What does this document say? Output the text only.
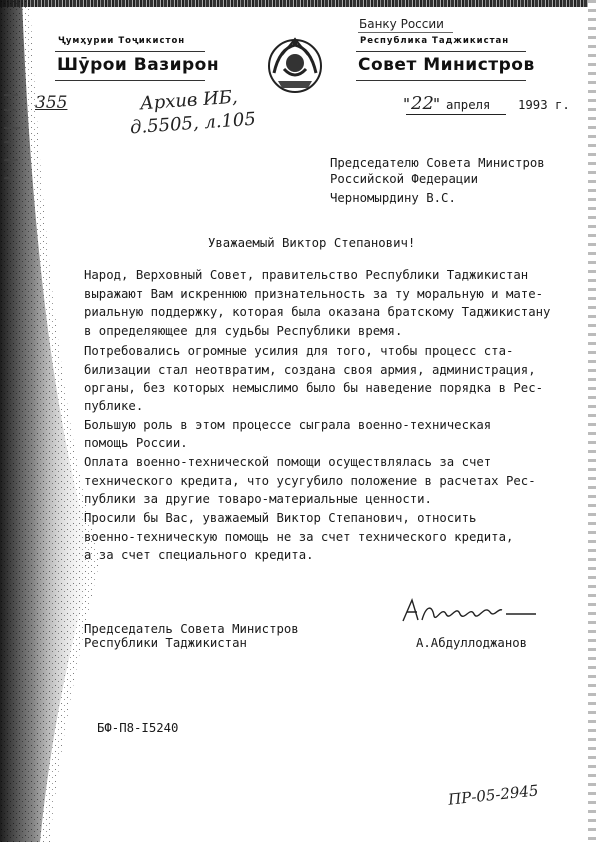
Ҷумҳурии Тоҷикистон
Шӯрои Вазирон
Банку России
Республика Таджикистан
Совет Министров
355	Архив ИБ,
д.5505, л.105
" 22
" апреля 1993 г.
Председателю Совета Министров
Российской Федерации
Черномырдину В.С.
Уважаемый Виктор Степанович!
Народ, Верховный Совет, правительство Республики Таджикистан
выражают Вам искреннюю признательность за ту моральную и мате-
риальную поддержку, которая была оказана братскому Таджикистану
в определяющее для судьбы Республики время.
Потребовались огромные усилия для того, чтобы процесс ста-
билизации стал неотвратим, создана своя армия, администрация,
органы, без которых немыслимо было бы наведение порядка в Рес-
публике.
Большую роль в этом процессе сыграла военно-техническая
помощь России.
Оплата военно-технической помощи осуществлялась за счет
технического кредита, что усугубило положение в расчетах Рес-
публики за другие товаро-материальные ценности.
Просили бы Вас, уважаемый Виктор Степанович, относить
военно-техническую помощь не за счет технического кредита,
а за счет специального кредита.
Председатель Совета Министров
Республики Таджикистан	А.Абдуллоджанов
БФ-П8-I5240
ПР-05-2945
